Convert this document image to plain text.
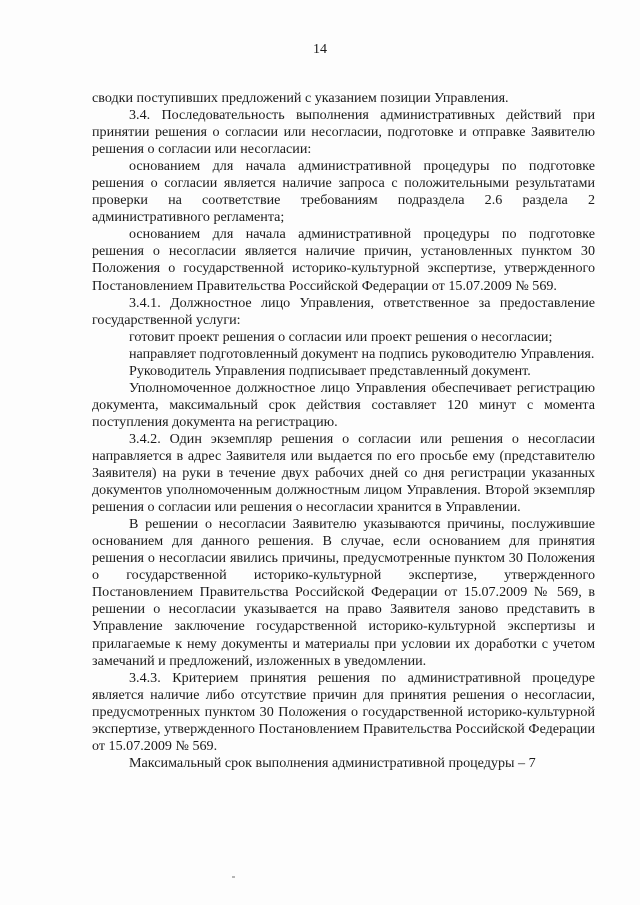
14

сводки поступивших предложений с указанием позиции Управления.

3.4. Последовательность выполнения административных действий при принятии решения о согласии или несогласии, подготовке и отправке Заявителю решения о согласии или несогласии:

основанием для начала административной процедуры по подготовке решения о согласии является наличие запроса с положительными результатами проверки на соответствие требованиям подраздела 2.6 раздела 2 административного регламента;

основанием для начала административной процедуры по подготовке решения о несогласии является наличие причин, установленных пунктом 30 Положения о государственной историко-культурной экспертизе, утвержденного Постановлением Правительства Российской Федерации от 15.07.2009 № 569.

3.4.1. Должностное лицо Управления, ответственное за предоставление государственной услуги:

готовит проект решения о согласии или проект решения о несогласии;

направляет подготовленный документ на подпись руководителю Управления.

Руководитель Управления подписывает представленный документ.

Уполномоченное должностное лицо Управления обеспечивает регистрацию документа, максимальный срок действия составляет 120 минут с момента поступления документа на регистрацию.

3.4.2. Один экземпляр решения о согласии или решения о несогласии направляется в адрес Заявителя или выдается по его просьбе ему (представителю Заявителя) на руки в течение двух рабочих дней со дня регистрации указанных документов уполномоченным должностным лицом Управления. Второй экземпляр решения о согласии или решения о несогласии хранится в Управлении.

В решении о несогласии Заявителю указываются причины, послужившие основанием для данного решения. В случае, если основанием для принятия решения о несогласии явились причины, предусмотренные пунктом 30 Положения о государственной историко-культурной экспертизе, утвержденного Постановлением Правительства Российской Федерации от 15.07.2009 № 569, в решении о несогласии указывается на право Заявителя заново представить в Управление заключение государственной историко-культурной экспертизы и прилагаемые к нему документы и материалы при условии их доработки с учетом замечаний и предложений, изложенных в уведомлении.

3.4.3. Критерием принятия решения по административной процедуре является наличие либо отсутствие причин для принятия решения о несогласии, предусмотренных пунктом 30 Положения о государственной историко-культурной экспертизе, утвержденного Постановлением Правительства Российской Федерации от 15.07.2009 № 569.

Максимальный срок выполнения административной процедуры – 7
